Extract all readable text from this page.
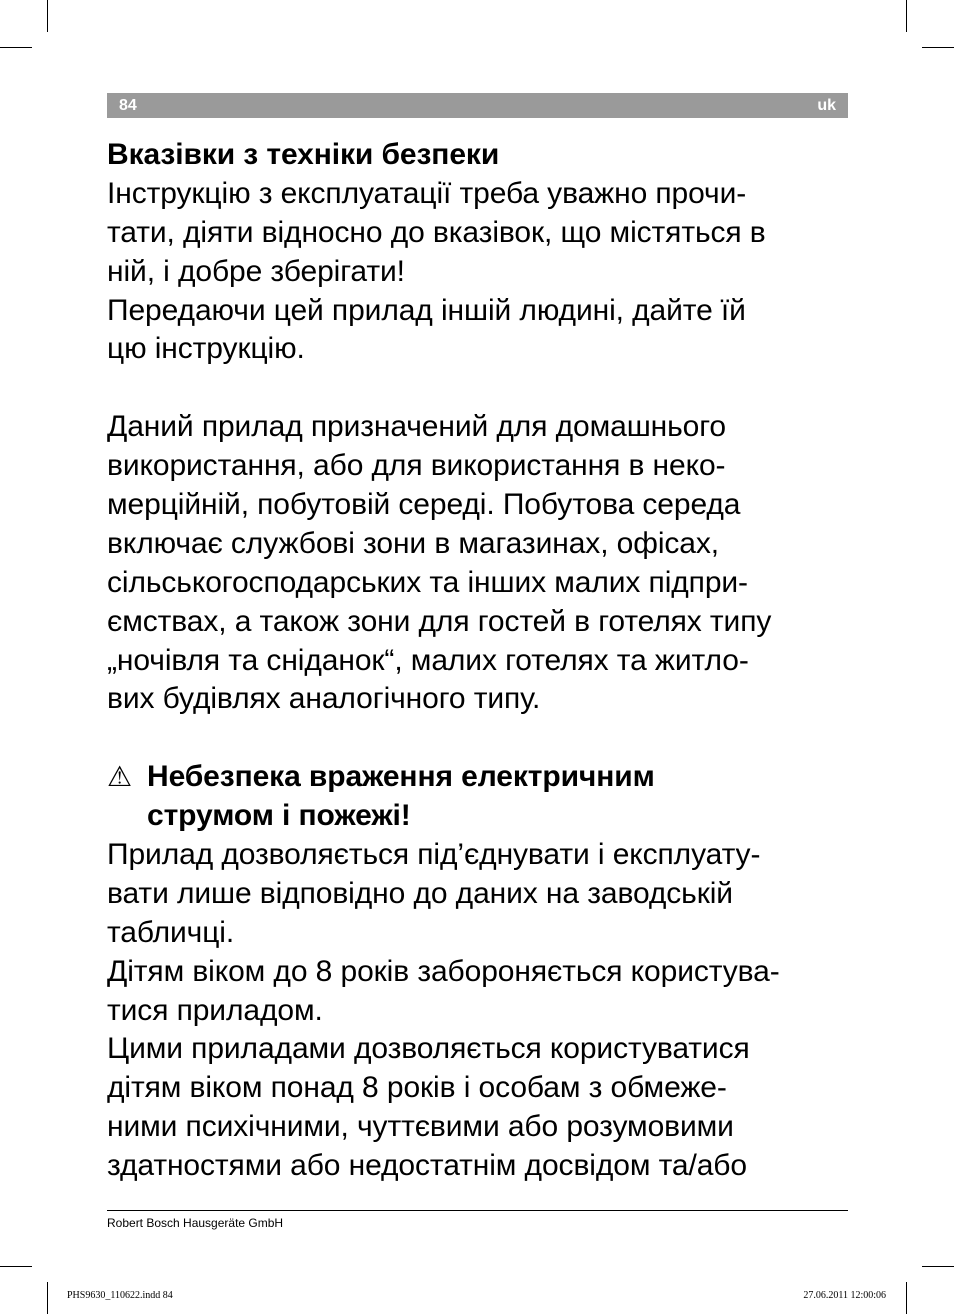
84	uk
Вказівки з техніки безпеки
Інструкцію з експлуатації треба уважно прочи-
тати, діяти відносно до вказівок, що містяться в
ній, і добре зберігати!
Передаючи цей прилад іншій людині, дайте їй
цю інструкцію.
Даний прилад призначений для домашнього
використання, або для використання в неко-
мерційній, побутовій середі. Побутова середа
включає службові зони в магазинах, офісах,
сільськогосподарських та інших малих підпри-
ємствах, а також зони для гостей в готелях типу
„ночівля та сніданок“, малих готелях та житло-
вих будівлях аналогічного типу.
⚠ Небезпека враження електричним
струмом і пожежі!
Прилад дозволяється під’єднувати і експлуату-
вати лише відповідно до даних на заводській
табличці.
Дітям віком до 8 років забороняється користува-
тися приладом.
Цими приладами дозволяється користуватися
дітям віком понад 8 років і особам з обмеже-
ними психічними, чуттєвими або розумовими
здатностями або недостатнім досвідом та/або
Robert Bosch Hausgeräte GmbH
PHS9630_110622.indd 84	27.06.2011 12:00:06
